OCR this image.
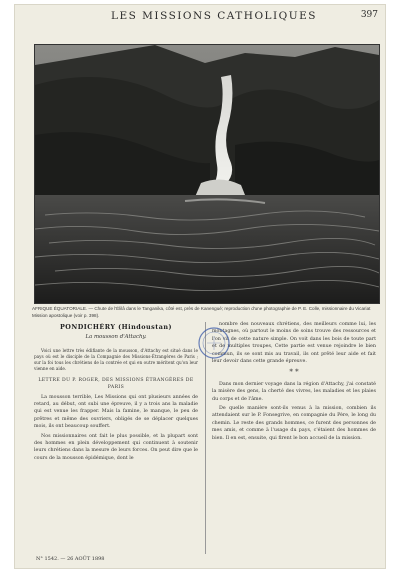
LES MISSIONS CATHOLIQUES	397
AFRIQUE ÉQUATORIALE. — Chute de l'Élilâ dans le Tanganika, côté est, près de Kanengué; reproduction d'une photographie de P. E. Colle, missionnaire du Vicariat Mission apostolique (voir p. 398).
PONDICHÉRY (Hindoustan)
La mousson d'Attachy.

Voici une lettre très édifiante de la mousson, d'Attachy est situé dans le pays où est le disciple de la Compagnie des Missions-Étrangères de Paris ; sur la foi tous les chrétiens de la contrée et qui en outre méritent qu'on leur vienne en aide.

LETTRE DU P. ROGER, DES MISSIONS ÉTRANGÈRES DE PARIS

La mousson terrible, Les Missions qui ont plusieurs années de retard, au début, ont subi une épreuve, il y a trois ans la maladie qui est venue les frapper. Mais la famine, le manque, le peu de prêtres et même des ouvriers, obligés de se déplacer quelques mois, ils ont beaucoup souffert.

Nos missionnaires ont fait le plus possible, et la plupart sont des hommes en plein développement qui continuent à soutenir leurs chrétiens dans la mesure de leurs forces. On peut dire que le cours de la mousson épidémique, dont le

nombre des nouveaux chrétiens, des meilleurs comme lui, les montagnes, où partout le moins de soins trouve des ressources et l'on vit de cette nature simple. On voit dans les bois de toute part et de multiples troupes, Cette partie est venue rejoindre le bien commun, ils se sont mis au travail, ils ont prêté leur aide et fait leur devoir dans cette grande épreuve.

* *

Dans mon dernier voyage dans la région d'Attachy, j'ai constaté la misère des gens, la cherté des vivres, les maladies et les plaies du corps et de l'âme.

De quelle manière sont-ils venus à la mission, combien ils attendaient sur le P. Fonsegrive, en compagnie du Père, le long du chemin. Le reste des grands hommes, ce furent des personnes de mes amis, et comme à l'usage du pays, c'étaient des hommes de bien. Il en est, ensuite, qui firent le bon accueil de la mission.

N° 1542. — 26 AOÛT 1898
